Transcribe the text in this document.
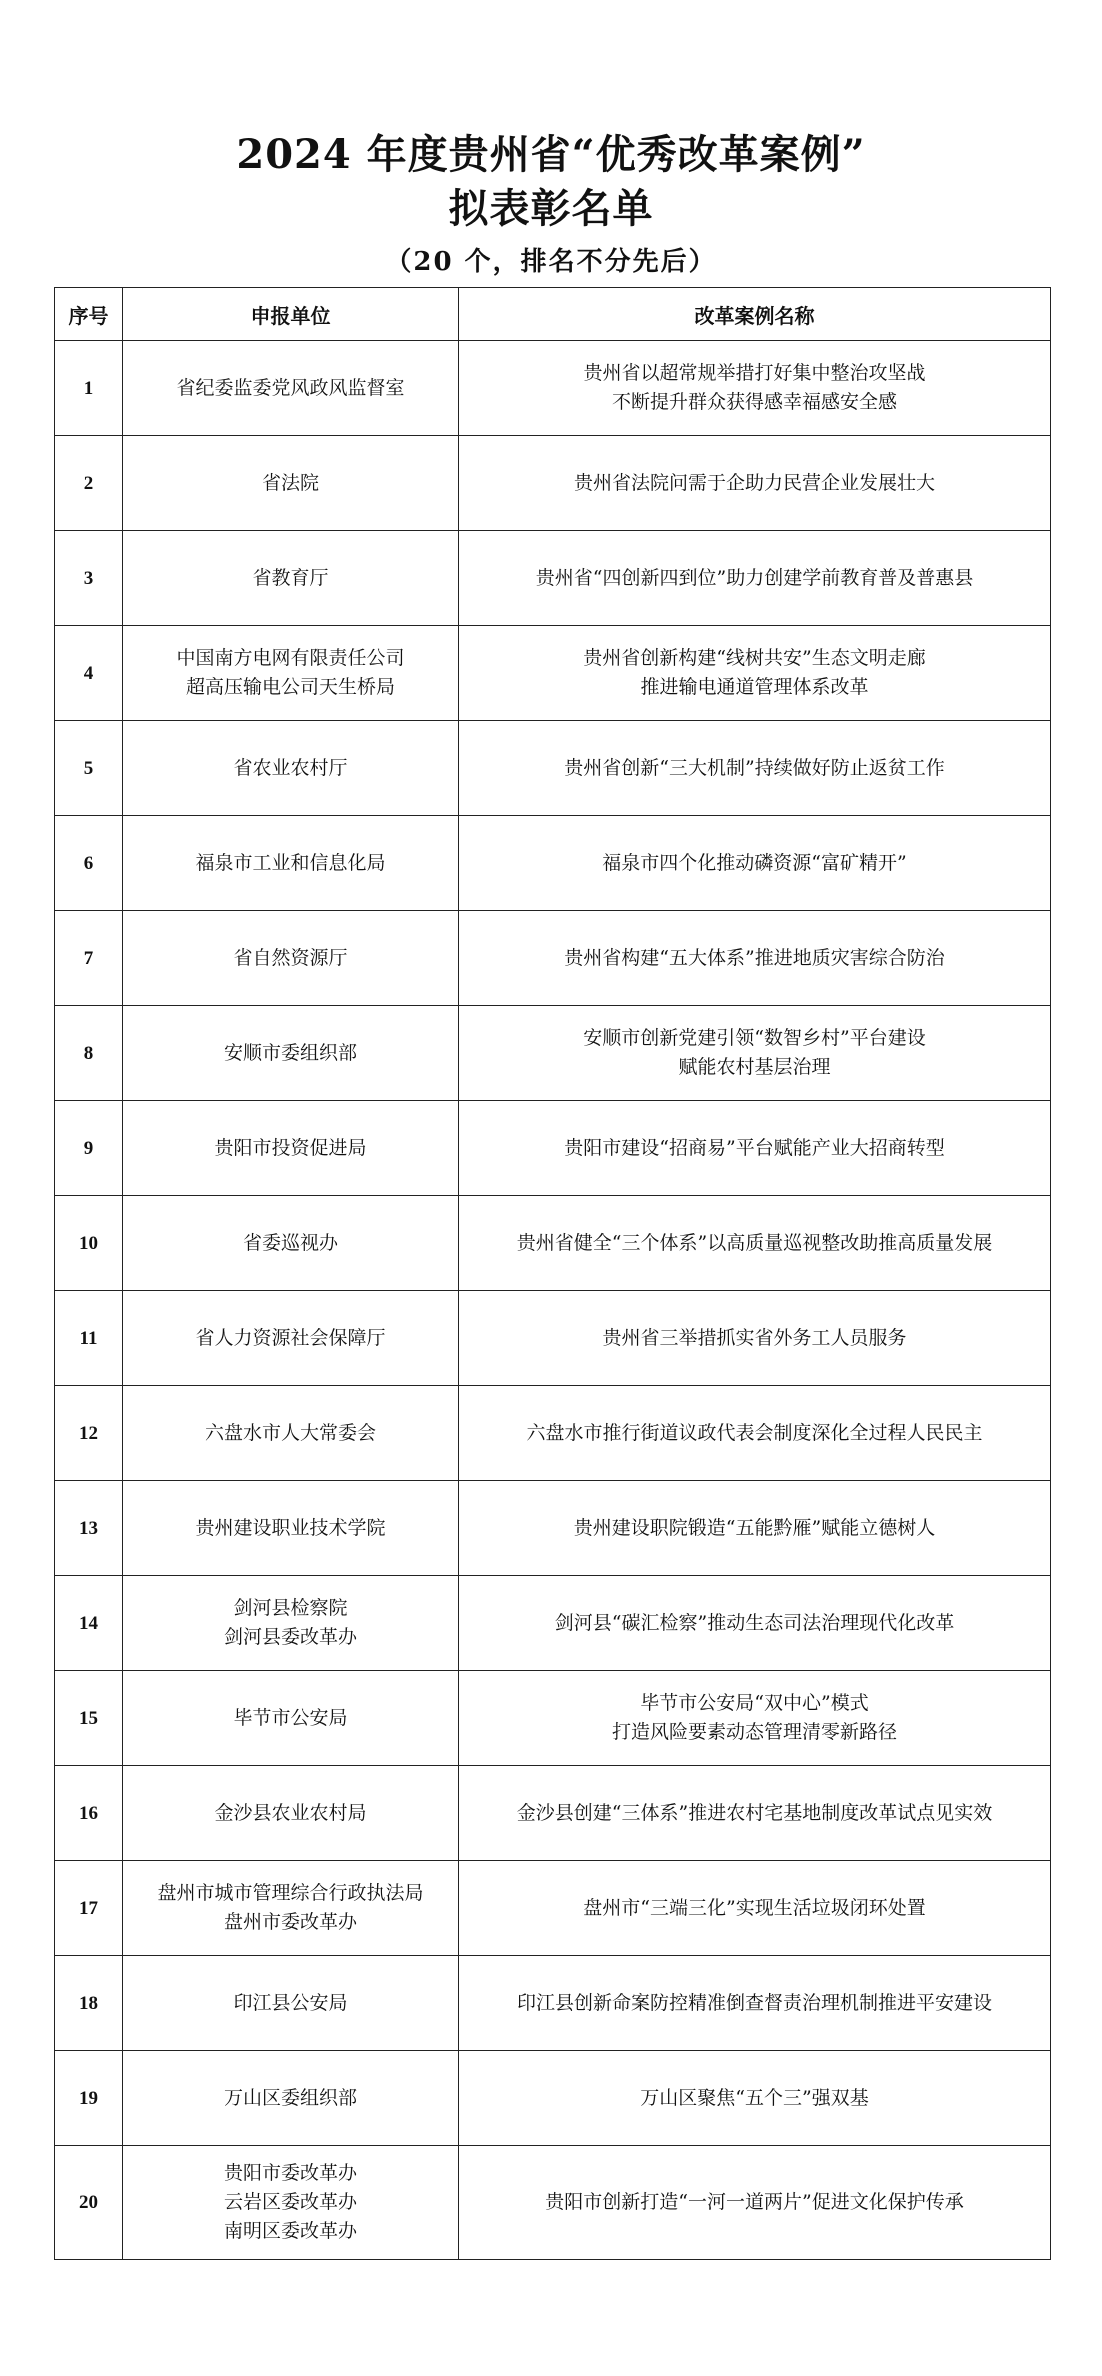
2024 年度贵州省“优秀改革案例”
拟表彰名单
（20 个，排名不分先后）
序号	申报单位	改革案例名称
1	省纪委监委党风政风监督室	贵州省以超常规举措打好集中整治攻坚战
不断提升群众获得感幸福感安全感

2	省法院	贵州省法院问需于企助力民营企业发展壮大

3	省教育厅	贵州省“四创新四到位”助力创建学前教育普及普惠县

4	中国南方电网有限责任公司
超高压输电公司天生桥局	贵州省创新构建“线树共安”生态文明走廊
推进输电通道管理体系改革

5	省农业农村厅	贵州省创新“三大机制”持续做好防止返贫工作

6	福泉市工业和信息化局	福泉市四个化推动磷资源“富矿精开”

7	省自然资源厅	贵州省构建“五大体系”推进地质灾害综合防治

8	安顺市委组织部	安顺市创新党建引领“数智乡村”平台建设
赋能农村基层治理

9	贵阳市投资促进局	贵阳市建设“招商易”平台赋能产业大招商转型

10	省委巡视办	贵州省健全“三个体系”以高质量巡视整改助推高质量发展

11	省人力资源社会保障厅	贵州省三举措抓实省外务工人员服务

12	六盘水市人大常委会	六盘水市推行街道议政代表会制度深化全过程人民民主

13	贵州建设职业技术学院	贵州建设职院锻造“五能黔雁”赋能立德树人

14	剑河县检察院
剑河县委改革办	剑河县“碳汇检察”推动生态司法治理现代化改革

15	毕节市公安局	毕节市公安局“双中心”模式
打造风险要素动态管理清零新路径

16	金沙县农业农村局	金沙县创建“三体系”推进农村宅基地制度改革试点见实效

17	盘州市城市管理综合行政执法局
盘州市委改革办	盘州市“三端三化”实现生活垃圾闭环处置

18	印江县公安局	印江县创新命案防控精准倒查督责治理机制推进平安建设

19	万山区委组织部	万山区聚焦“五个三”强双基

20	贵阳市委改革办
云岩区委改革办
南明区委改革办	贵阳市创新打造“一河一道两片”促进文化保护传承
